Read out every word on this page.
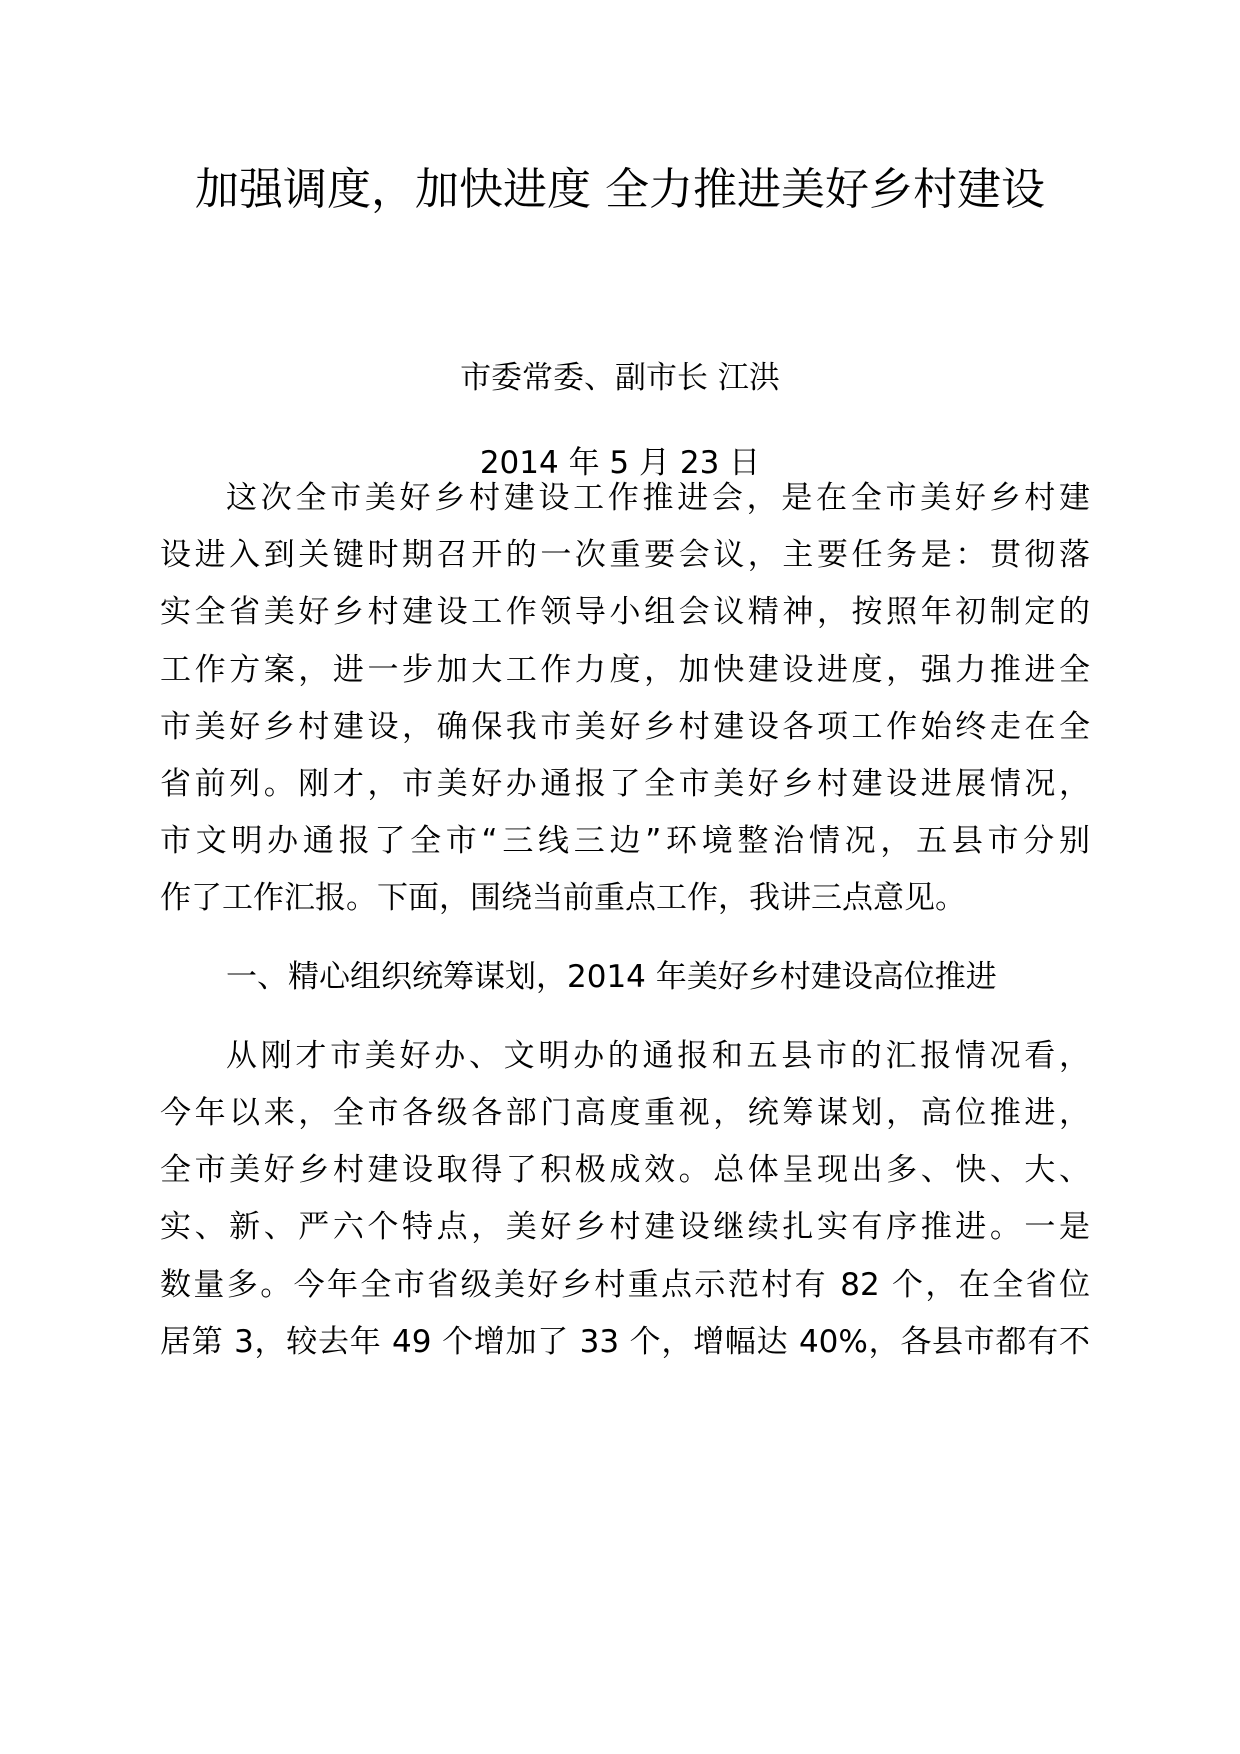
加强调度，加快进度 全力推进美好乡村建设
市委常委、副市长 江洪
2014 年 5 月 23 日
这次全市美好乡村建设工作推进会，是在全市美好乡村建
设进入到关键时期召开的一次重要会议，主要任务是：贯彻落
实全省美好乡村建设工作领导小组会议精神，按照年初制定的
工作方案，进一步加大工作力度，加快建设进度，强力推进全
市美好乡村建设，确保我市美好乡村建设各项工作始终走在全
省前列。刚才，市美好办通报了全市美好乡村建设进展情况，
市文明办通报了全市“三线三边”环境整治情况，五县市分别
作了工作汇报。下面，围绕当前重点工作，我讲三点意见。
一、精心组织统筹谋划，2014 年美好乡村建设高位推进
从刚才市美好办、文明办的通报和五县市的汇报情况看，
今年以来，全市各级各部门高度重视，统筹谋划，高位推进，
全市美好乡村建设取得了积极成效。总体呈现出多、快、大、
实、新、严六个特点，美好乡村建设继续扎实有序推进。一是
数量多。今年全市省级美好乡村重点示范村有 82 个，在全省位
居第 3，较去年 49 个增加了 33 个，增幅达 40%，各县市都有不
